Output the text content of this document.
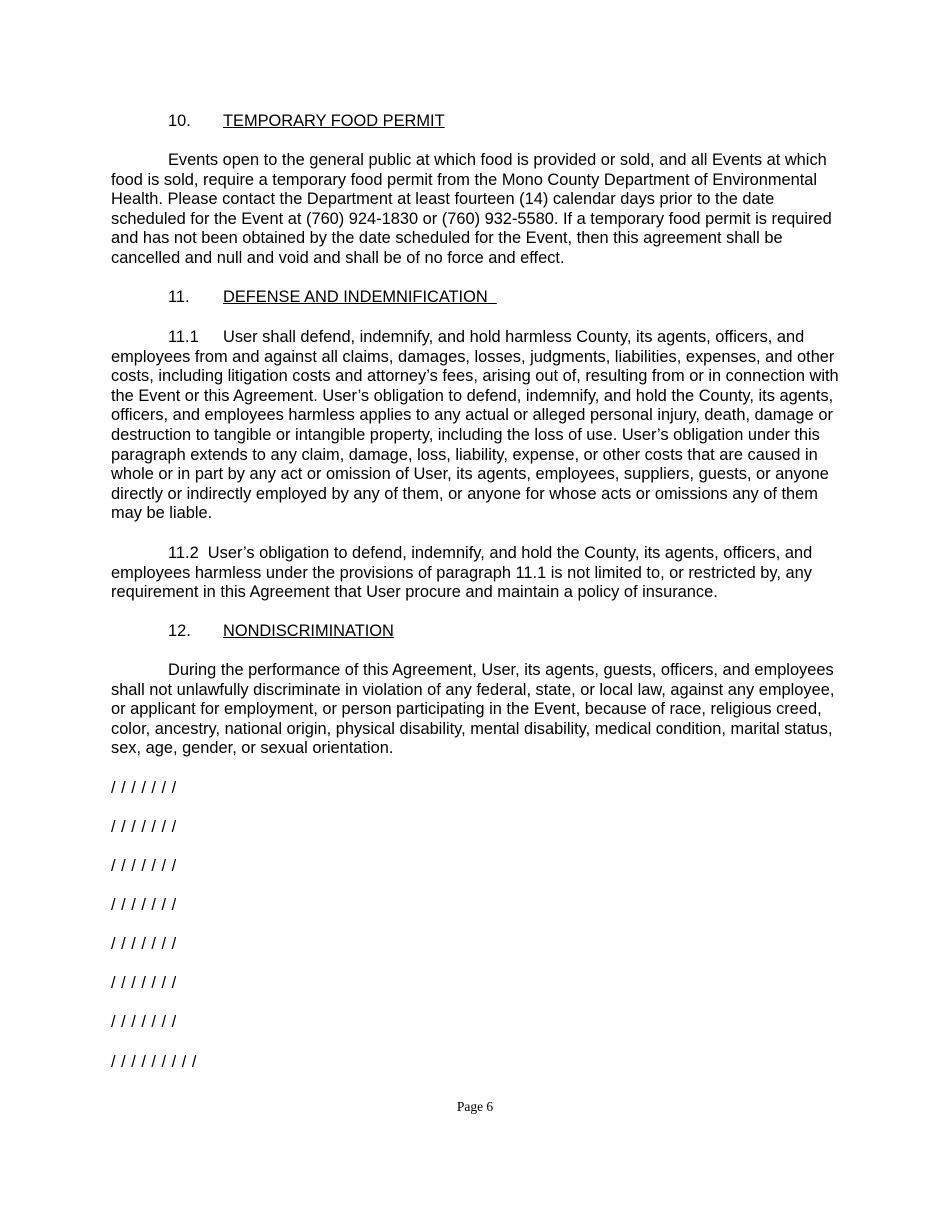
10. TEMPORARY FOOD PERMIT

Events open to the general public at which food is provided or sold, and all Events at which food is sold, require a temporary food permit from the Mono County Department of Environmental Health. Please contact the Department at least fourteen (14) calendar days prior to the date scheduled for the Event at (760) 924-1830 or (760) 932-5580. If a temporary food permit is required and has not been obtained by the date scheduled for the Event, then this agreement shall be cancelled and null and void and shall be of no force and effect.

11. DEFENSE AND INDEMNIFICATION

11.1 User shall defend, indemnify, and hold harmless County, its agents, officers, and employees from and against all claims, damages, losses, judgments, liabilities, expenses, and other costs, including litigation costs and attorney’s fees, arising out of, resulting from or in connection with the Event or this Agreement. User’s obligation to defend, indemnify, and hold the County, its agents, officers, and employees harmless applies to any actual or alleged personal injury, death, damage or destruction to tangible or intangible property, including the loss of use. User’s obligation under this paragraph extends to any claim, damage, loss, liability, expense, or other costs that are caused in whole or in part by any act or omission of User, its agents, employees, suppliers, guests, or anyone directly or indirectly employed by any of them, or anyone for whose acts or omissions any of them may be liable.

11.2 User’s obligation to defend, indemnify, and hold the County, its agents, officers, and employees harmless under the provisions of paragraph 11.1 is not limited to, or restricted by, any requirement in this Agreement that User procure and maintain a policy of insurance.

12. NONDISCRIMINATION

During the performance of this Agreement, User, its agents, guests, officers, and employees shall not unlawfully discriminate in violation of any federal, state, or local law, against any employee, or applicant for employment, or person participating in the Event, because of race, religious creed, color, ancestry, national origin, physical disability, mental disability, medical condition, marital status, sex, age, gender, or sexual orientation.

/ / / / / / /
/ / / / / / /
/ / / / / / /
/ / / / / / /
/ / / / / / /
/ / / / / / /
/ / / / / / /
/ / / / / / / / /
Page 6
